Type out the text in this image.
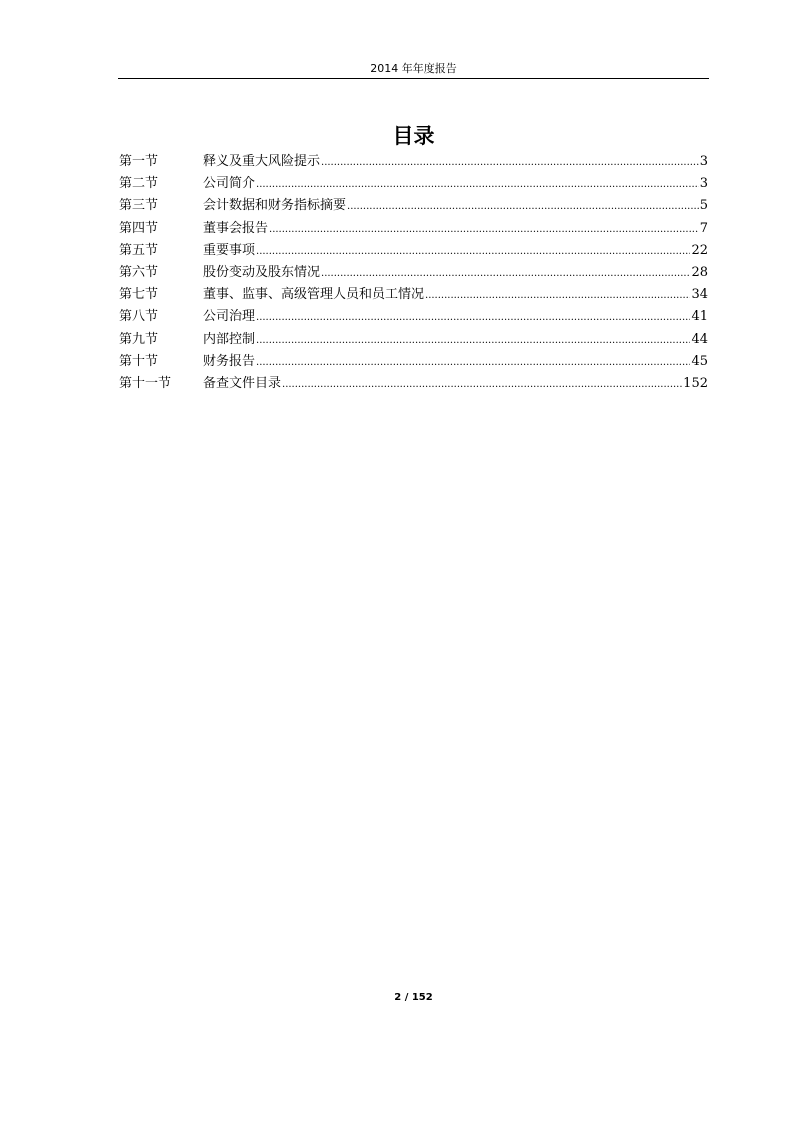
2014 年年度报告
目录
第一节	释义及重大风险提示 .....	3
第二节	公司简介 .....	3
第三节	会计数据和财务指标摘要 .....	5
第四节	董事会报告 .....	7
第五节	重要事项 .....	22
第六节	股份变动及股东情况 .....	28
第七节	董事、监事、高级管理人员和员工情况 .....	34
第八节	公司治理 .....	41
第九节	内部控制 .....	44
第十节	财务报告 .....	45
第十一节	备查文件目录 .....	152
2 / 152
